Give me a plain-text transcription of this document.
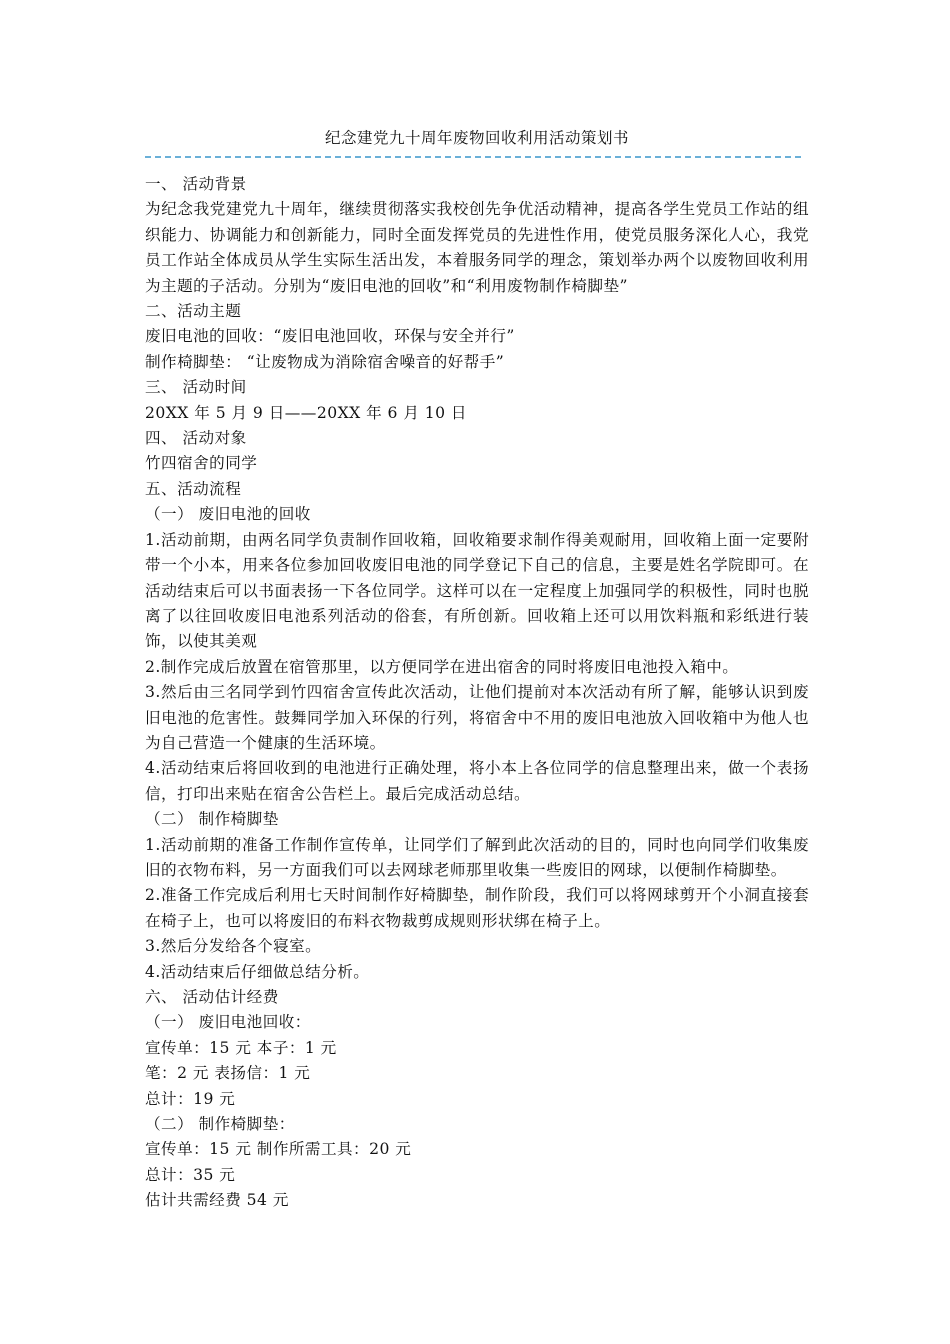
纪念建党九十周年废物回收利用活动策划书
一、 活动背景
为纪念我党建党九十周年，继续贯彻落实我校创先争优活动精神，提高各学生党员工作站的组织能力、协调能力和创新能力，同时全面发挥党员的先进性作用，使党员服务深化人心，我党员工作站全体成员从学生实际生活出发，本着服务同学的理念，策划举办两个以废物回收利用为主题的子活动。分别为“废旧电池的回收”和“利用废物制作椅脚垫”
二、活动主题
废旧电池的回收：“废旧电池回收，环保与安全并行”
制作椅脚垫： “让废物成为消除宿舍噪音的好帮手”
三、 活动时间
20XX 年 5 月 9 日——20XX 年 6 月 10 日
四、 活动对象
竹四宿舍的同学
五、活动流程
（一） 废旧电池的回收
1.活动前期，由两名同学负责制作回收箱，回收箱要求制作得美观耐用，回收箱上面一定要附带一个小本，用来各位参加回收废旧电池的同学登记下自己的信息，主要是姓名学院即可。在活动结束后可以书面表扬一下各位同学。这样可以在一定程度上加强同学的积极性，同时也脱离了以往回收废旧电池系列活动的俗套，有所创新。回收箱上还可以用饮料瓶和彩纸进行装饰，以使其美观
2.制作完成后放置在宿管那里，以方便同学在进出宿舍的同时将废旧电池投入箱中。
3.然后由三名同学到竹四宿舍宣传此次活动，让他们提前对本次活动有所了解，能够认识到废旧电池的危害性。鼓舞同学加入环保的行列，将宿舍中不用的废旧电池放入回收箱中为他人也为自己营造一个健康的生活环境。
4.活动结束后将回收到的电池进行正确处理，将小本上各位同学的信息整理出来，做一个表扬信，打印出来贴在宿舍公告栏上。最后完成活动总结。
（二） 制作椅脚垫
1.活动前期的准备工作制作宣传单，让同学们了解到此次活动的目的，同时也向同学们收集废旧的衣物布料，另一方面我们可以去网球老师那里收集一些废旧的网球，以便制作椅脚垫。
2.准备工作完成后利用七天时间制作好椅脚垫，制作阶段，我们可以将网球剪开个小洞直接套在椅子上，也可以将废旧的布料衣物裁剪成规则形状绑在椅子上。
3.然后分发给各个寝室。
4.活动结束后仔细做总结分析。
六、 活动估计经费
（一） 废旧电池回收：
宣传单：15 元 本子：1 元
笔：2 元 表扬信：1 元
总计：19 元
（二） 制作椅脚垫：
宣传单：15 元 制作所需工具：20 元
总计：35 元
估计共需经费 54 元
